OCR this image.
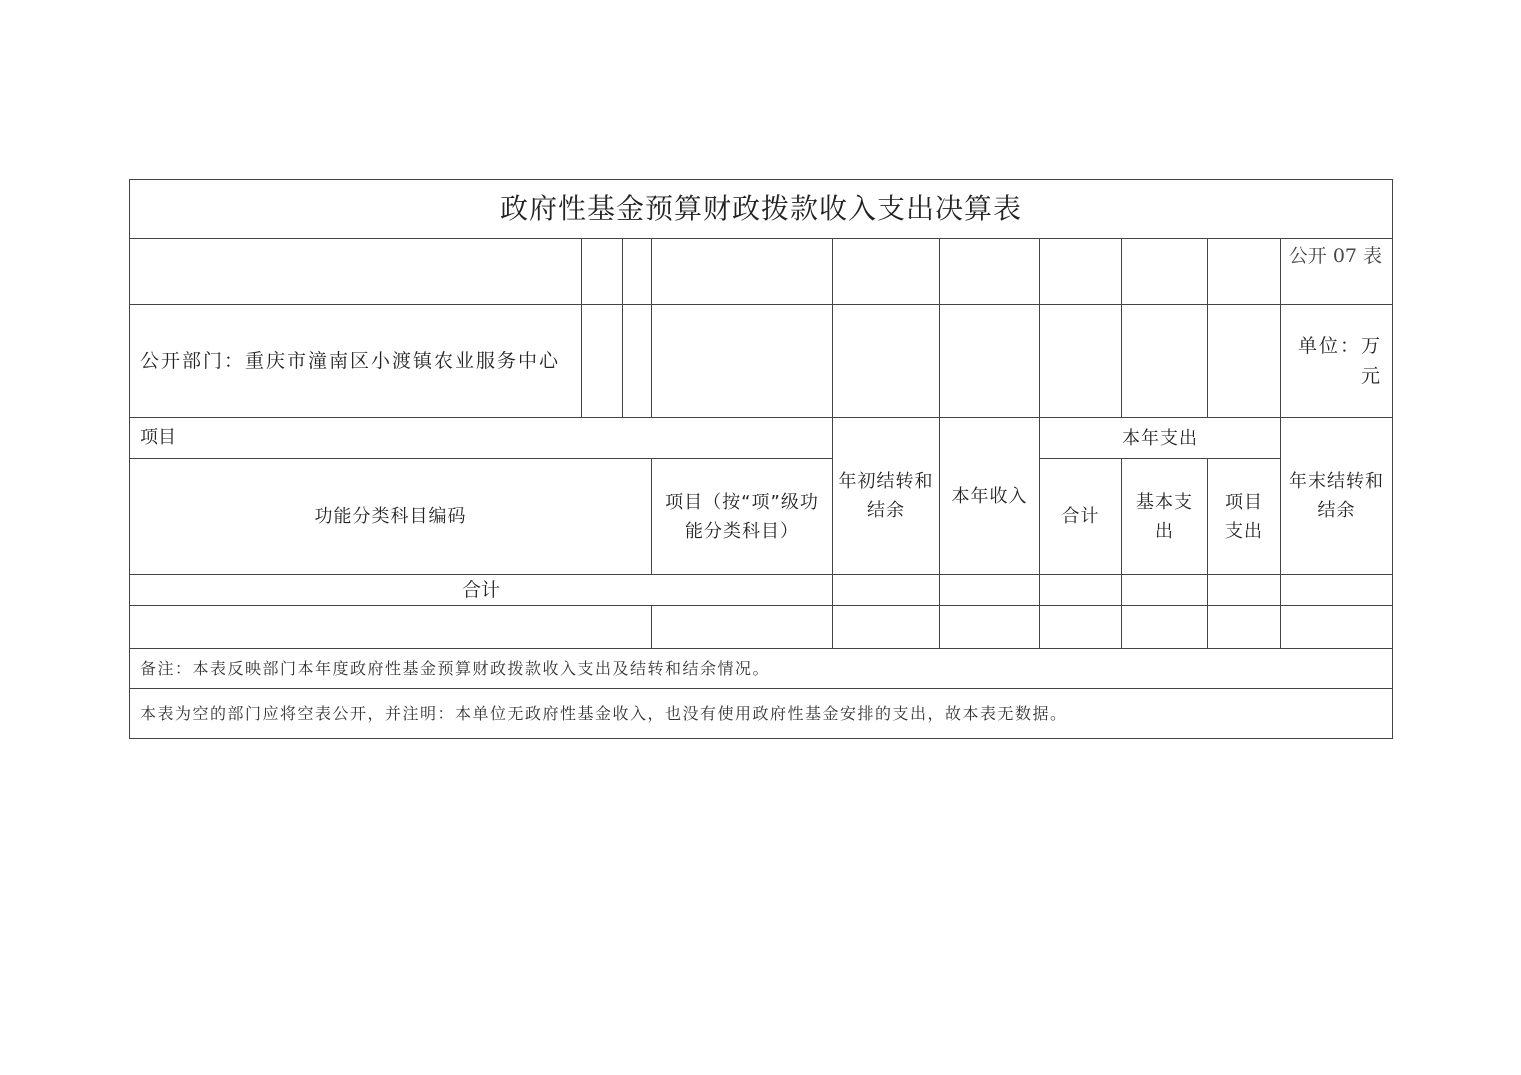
政府性基金预算财政拨款收入支出决算表									
									公开 07 表
公开部门：重庆市潼南区小渡镇农业服务中心									单位：万元
项目				年初结转和结余	本年收入	本年支出			年末结转和结余
功能分类科目编码			项目（按“项”级功能分类科目）			合计	基本支出	项目支出	
合计									

备注：本表反映部门本年度政府性基金预算财政拨款收入支出及结转和结余情况。									
本表为空的部门应将空表公开，并注明：本单位无政府性基金收入，也没有使用政府性基金安排的支出，故本表无数据。									
